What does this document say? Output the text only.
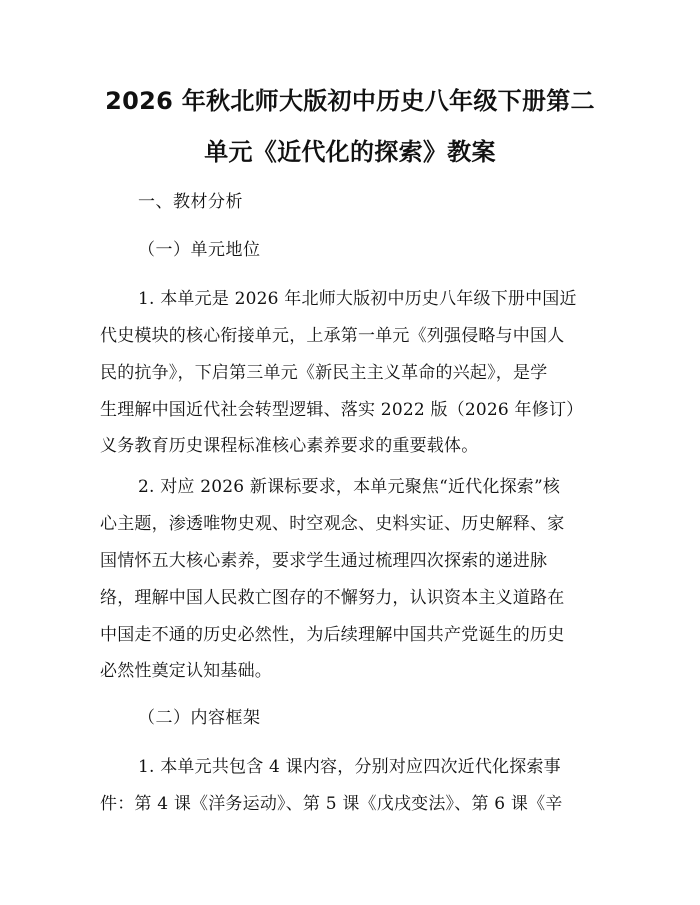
2026 年秋北师大版初中历史八年级下册第二
单元《近代化的探索》教案
一、教材分析
（一）单元地位
1. 本单元是 2026 年北师大版初中历史八年级下册中国近
代史模块的核心衔接单元，上承第一单元《列强侵略与中国人
民的抗争》，下启第三单元《新民主主义革命的兴起》，是学
生理解中国近代社会转型逻辑、落实 2022 版（2026 年修订）
义务教育历史课程标准核心素养要求的重要载体。
2. 对应 2026 新课标要求，本单元聚焦“近代化探索”核
心主题，渗透唯物史观、时空观念、史料实证、历史解释、家
国情怀五大核心素养，要求学生通过梳理四次探索的递进脉
络，理解中国人民救亡图存的不懈努力，认识资本主义道路在
中国走不通的历史必然性，为后续理解中国共产党诞生的历史
必然性奠定认知基础。
（二）内容框架
1. 本单元共包含 4 课内容，分别对应四次近代化探索事
件：第 4 课《洋务运动》、第 5 课《戊戌变法》、第 6 课《辛
